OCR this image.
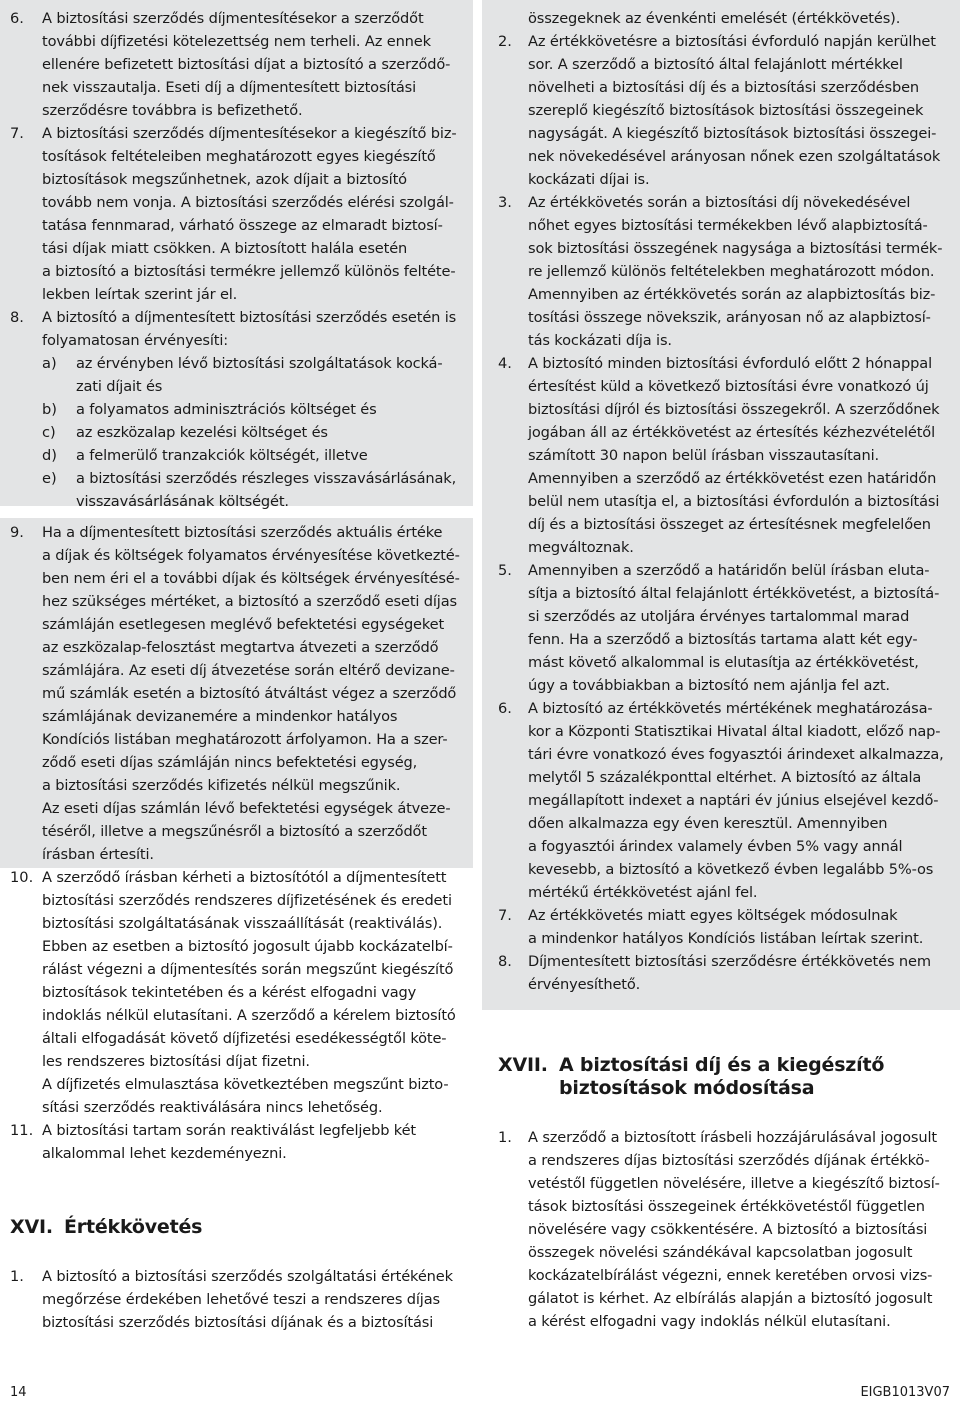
6. A biztosítási szerződés díjmentesítésekor a szerződőt
további díjfizetési kötelezettség nem terheli. Az ennek
ellenére befizetett biztosítási díjat a biztosító a szerződő-
nek visszautalja. Eseti díj a díjmentesített biztosítási
szerződésre továbbra is befizethető.
7. A biztosítási szerződés díjmentesítésekor a kiegészítő biz-
tosítások feltételeiben meghatározott egyes kiegészítő
biztosítások megszűnhetnek, azok díjait a biztosító
tovább nem vonja. A biztosítási szerződés elérési szolgál-
tatása fennmarad, várható összege az elmaradt biztosí-
tási díjak miatt csökken. A biztosított halála esetén
a biztosító a biztosítási termékre jellemző különös feltéte-
lekben leírtak szerint jár el.
8. A biztosító a díjmentesített biztosítási szerződés esetén is
folyamatosan érvényesíti:
a) az érvényben lévő biztosítási szolgáltatások kocká-
zati díjait és
b) a folyamatos adminisztrációs költséget és
c) az eszközalap kezelési költséget és
d) a felmerülő tranzakciók költségét, illetve
e) a biztosítási szerződés részleges visszavásárlásának,
visszavásárlásának költségét.
9. Ha a díjmentesített biztosítási szerződés aktuális értéke
a díjak és költségek folyamatos érvényesítése következté-
ben nem éri el a további díjak és költségek érvényesítésé-
hez szükséges mértéket, a biztosító a szerződő eseti díjas
számláján esetlegesen meglévő befektetési egységeket
az eszközalap-felosztást megtartva átvezeti a szerződő
számlájára. Az eseti díj átvezetése során eltérő devizane-
mű számlák esetén a biztosító átváltást végez a szerződő
számlájának devizanemére a mindenkor hatályos
Kondíciós listában meghatározott árfolyamon. Ha a szer-
ződő eseti díjas számláján nincs befektetési egység,
a biztosítási szerződés kifizetés nélkül megszűnik.
Az eseti díjas számlán lévő befektetési egységek átveze-
téséről, illetve a megszűnésről a biztosító a szerződőt
írásban értesíti.
10. A szerződő írásban kérheti a biztosítótól a díjmentesített
biztosítási szerződés rendszeres díjfizetésének és eredeti
biztosítási szolgáltatásának visszaállítását (reaktiválás).
Ebben az esetben a biztosító jogosult újabb kockázatelbí-
rálást végezni a díjmentesítés során megszűnt kiegészítő
biztosítások tekintetében és a kérést elfogadni vagy
indoklás nélkül elutasítani. A szerződő a kérelem biztosító
általi elfogadását követő díjfizetési esedékességtől köte-
les rendszeres biztosítási díjat fizetni.
A díjfizetés elmulasztása következtében megszűnt bizto-
sítási szerződés reaktiválására nincs lehetőség.
11. A biztosítási tartam során reaktiválást legfeljebb két
alkalommal lehet kezdeményezni.
XVI. Értékkövetés
1. A biztosító a biztosítási szerződés szolgáltatási értékének
megőrzése érdekében lehetővé teszi a rendszeres díjas
biztosítási szerződés biztosítási díjának és a biztosítási
összegeknek az évenkénti emelését (értékkövetés).
2. Az értékkövetésre a biztosítási évforduló napján kerülhet
sor. A szerződő a biztosító által felajánlott mértékkel
növelheti a biztosítási díj és a biztosítási szerződésben
szereplő kiegészítő biztosítások biztosítási összegeinek
nagyságát. A kiegészítő biztosítások biztosítási összegei-
nek növekedésével arányosan nőnek ezen szolgáltatások
kockázati díjai is.
3. Az értékkövetés során a biztosítási díj növekedésével
nőhet egyes biztosítási termékekben lévő alapbiztosítá-
sok biztosítási összegének nagysága a biztosítási termék-
re jellemző különös feltételekben meghatározott módon.
Amennyiben az értékkövetés során az alapbiztosítás biz-
tosítási összege növekszik, arányosan nő az alapbiztosí-
tás kockázati díja is.
4. A biztosító minden biztosítási évforduló előtt 2 hónappal
értesítést küld a következő biztosítási évre vonatkozó új
biztosítási díjról és biztosítási összegekről. A szerződőnek
jogában áll az értékkövetést az értesítés kézhezvételétől
számított 30 napon belül írásban visszautasítani.
Amennyiben a szerződő az értékkövetést ezen határidőn
belül nem utasítja el, a biztosítási évfordulón a biztosítási
díj és a biztosítási összeget az értesítésnek megfelelően
megváltoznak.
5. Amennyiben a szerződő a határidőn belül írásban eluta-
sítja a biztosító által felajánlott értékkövetést, a biztosítá-
si szerződés az utoljára érvényes tartalommal marad
fenn. Ha a szerződő a biztosítás tartama alatt két egy-
mást követő alkalommal is elutasítja az értékkövetést,
úgy a továbbiakban a biztosító nem ajánlja fel azt.
6. A biztosító az értékkövetés mértékének meghatározása-
kor a Központi Statisztikai Hivatal által kiadott, előző nap-
tári évre vonatkozó éves fogyasztói árindexet alkalmazza,
melytől 5 százalékponttal eltérhet. A biztosító az általa
megállapított indexet a naptári év június elsejével kezdő-
dően alkalmazza egy éven keresztül. Amennyiben
a fogyasztói árindex valamely évben 5% vagy annál
kevesebb, a biztosító a következő évben legalább 5%-os
mértékű értékkövetést ajánl fel.
7. Az értékkövetés miatt egyes költségek módosulnak
a mindenkor hatályos Kondíciós listában leírtak szerint.
8. Díjmentesített biztosítási szerződésre értékkövetés nem
érvényesíthető.
XVII. A biztosítási díj és a kiegészítő
biztosítások módosítása
1. A szerződő a biztosított írásbeli hozzájárulásával jogosult
a rendszeres díjas biztosítási szerződés díjának értékkö-
vetéstől független növelésére, illetve a kiegészítő biztosí-
tások biztosítási összegeinek értékkövetéstől független
növelésére vagy csökkentésére. A biztosító a biztosítási
összegek növelési szándékával kapcsolatban jogosult
kockázatelbírálást végezni, ennek keretében orvosi vizs-
gálatot is kérhet. Az elbírálás alapján a biztosító jogosult
a kérést elfogadni vagy indoklás nélkül elutasítani.
14	EIGB1013V07
